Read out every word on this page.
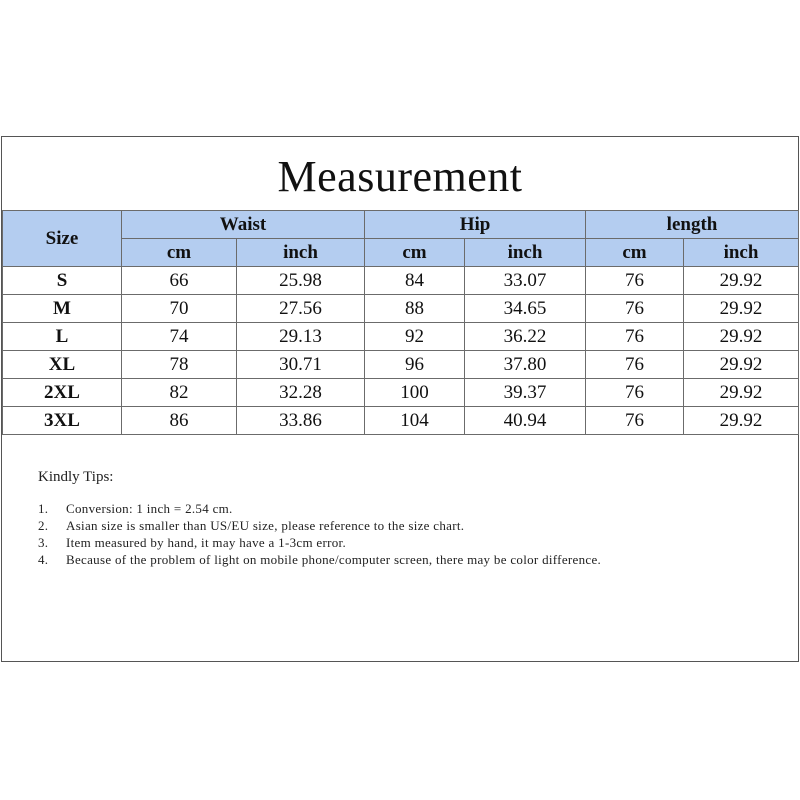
Measurement
Size	Waist		Hip		length	
	cm	inch	cm	inch	cm	inch
S	66	25.98	84	33.07	76	29.92
M	70	27.56	88	34.65	76	29.92
L	74	29.13	92	36.22	76	29.92
XL	78	30.71	96	37.80	76	29.92
2XL	82	32.28	100	39.37	76	29.92
3XL	86	33.86	104	40.94	76	29.92
Kindly Tips:
1. Conversion: 1 inch = 2.54 cm.
2. Asian size is smaller than US/EU size, please reference to the size chart.
3. Item measured by hand, it may have a 1-3cm error.
4. Because of the problem of light on mobile phone/computer screen, there may be color difference.
